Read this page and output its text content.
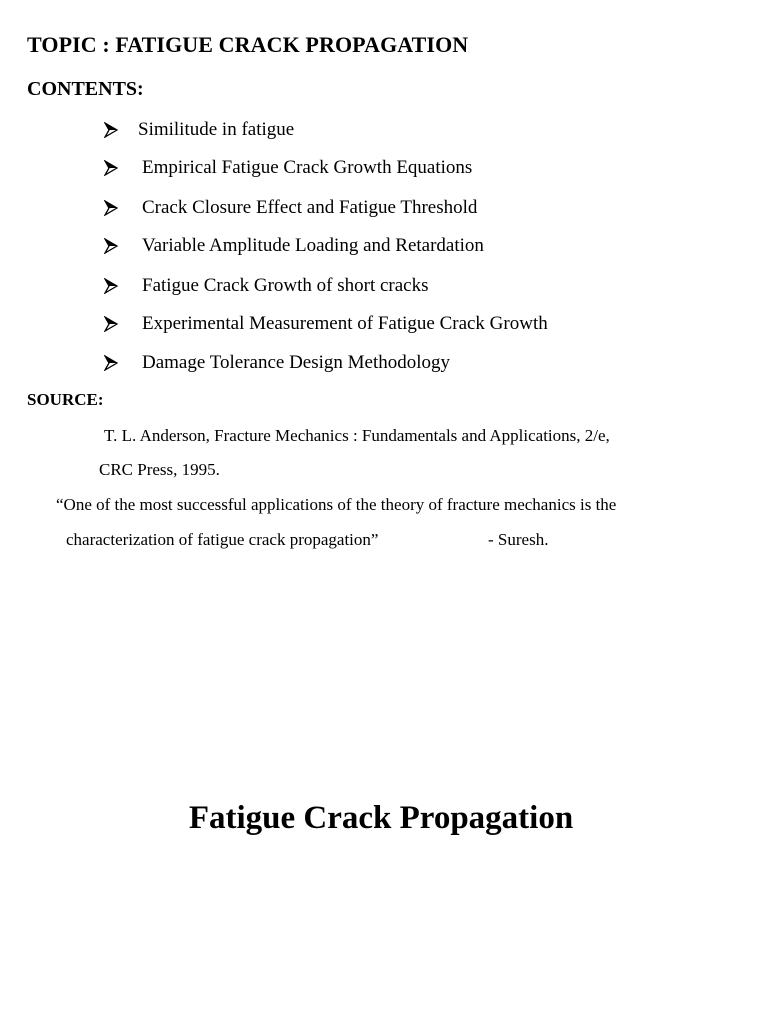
TOPIC : FATIGUE CRACK PROPAGATION
CONTENTS:
Similitude in fatigue
Empirical Fatigue Crack Growth Equations
Crack Closure Effect and Fatigue Threshold
Variable Amplitude Loading and Retardation
Fatigue Crack Growth of short cracks
Experimental Measurement of Fatigue Crack Growth
Damage Tolerance Design Methodology
SOURCE:
T. L. Anderson, Fracture Mechanics : Fundamentals and Applications, 2/e,
CRC Press, 1995.
“One of the most successful applications of the theory of fracture mechanics is the
characterization of fatigue crack propagation”	- Suresh.
Fatigue Crack Propagation
